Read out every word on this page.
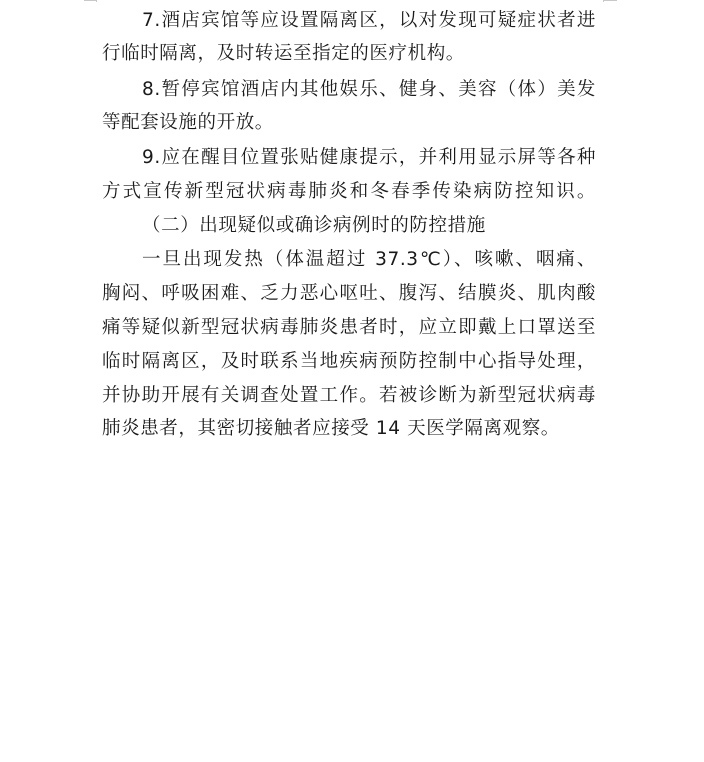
7.酒店宾馆等应设置隔离区，以对发现可疑症状者进
行临时隔离，及时转运至指定的医疗机构。
8.暂停宾馆酒店内其他娱乐、健身、美容（体）美发
等配套设施的开放。
9.应在醒目位置张贴健康提示，并利用显示屏等各种
方式宣传新型冠状病毒肺炎和冬春季传染病防控知识。
（二）出现疑似或确诊病例时的防控措施
一旦出现发热（体温超过 37.3℃）、咳嗽、咽痛、
胸闷、呼吸困难、乏力恶心呕吐、腹泻、结膜炎、肌肉酸
痛等疑似新型冠状病毒肺炎患者时，应立即戴上口罩送至
临时隔离区，及时联系当地疾病预防控制中心指导处理，
并协助开展有关调查处置工作。若被诊断为新型冠状病毒
肺炎患者，其密切接触者应接受 14 天医学隔离观察。
